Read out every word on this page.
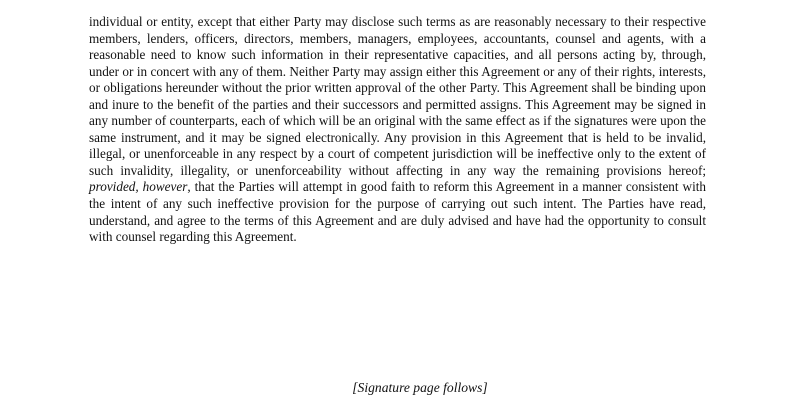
individual or entity, except that either Party may disclose such terms as are reasonably necessary to their respective members, lenders, officers, directors, members, managers, employees, accountants, counsel and agents, with a reasonable need to know such information in their representative capacities, and all persons acting by, through, under or in concert with any of them. Neither Party may assign either this Agreement or any of their rights, interests, or obligations hereunder without the prior written approval of the other Party. This Agreement shall be binding upon and inure to the benefit of the parties and their successors and permitted assigns. This Agreement may be signed in any number of counterparts, each of which will be an original with the same effect as if the signatures were upon the same instrument, and it may be signed electronically. Any provision in this Agreement that is held to be invalid, illegal, or unenforceable in any respect by a court of competent jurisdiction will be ineffective only to the extent of such invalidity, illegality, or unenforceability without affecting in any way the remaining provisions hereof; provided, however, that the Parties will attempt in good faith to reform this Agreement in a manner consistent with the intent of any such ineffective provision for the purpose of carrying out such intent. The Parties have read, understand, and agree to the terms of this Agreement and are duly advised and have had the opportunity to consult with counsel regarding this Agreement.

[Signature page follows]
